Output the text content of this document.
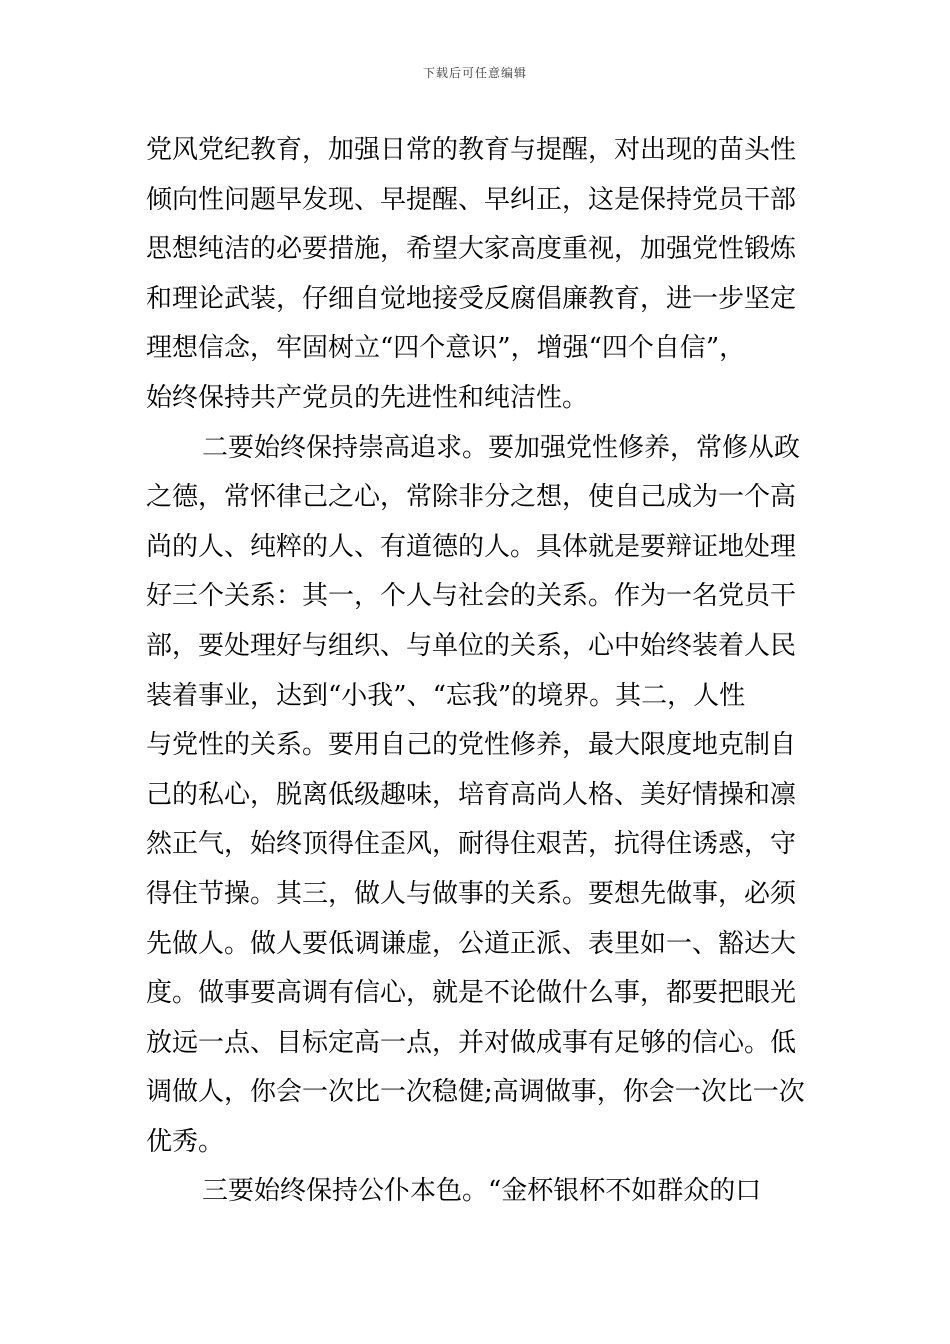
下载后可任意编辑
党风党纪教育，加强日常的教育与提醒，对出现的苗头性
倾向性问题早发现、早提醒、早纠正，这是保持党员干部
思想纯洁的必要措施，希望大家高度重视，加强党性锻炼
和理论武装，仔细自觉地接受反腐倡廉教育，进一步坚定
理想信念，牢固树立“四个意识”，增强“四个自信”，
始终保持共产党员的先进性和纯洁性。
二要始终保持崇高追求。要加强党性修养，常修从政
之德，常怀律己之心，常除非分之想，使自己成为一个高
尚的人、纯粹的人、有道德的人。具体就是要辩证地处理
好三个关系：其一，个人与社会的关系。作为一名党员干
部，要处理好与组织、与单位的关系，心中始终装着人民
装着事业，达到“小我”、“忘我”的境界。其二，人性
与党性的关系。要用自己的党性修养，最大限度地克制自
己的私心，脱离低级趣味，培育高尚人格、美好情操和凛
然正气，始终顶得住歪风，耐得住艰苦，抗得住诱惑，守
得住节操。其三，做人与做事的关系。要想先做事，必须
先做人。做人要低调谦虚，公道正派、表里如一、豁达大
度。做事要高调有信心，就是不论做什么事，都要把眼光
放远一点、目标定高一点，并对做成事有足够的信心。低
调做人，你会一次比一次稳健;高调做事，你会一次比一次
优秀。
三要始终保持公仆本色。“金杯银杯不如群众的口
